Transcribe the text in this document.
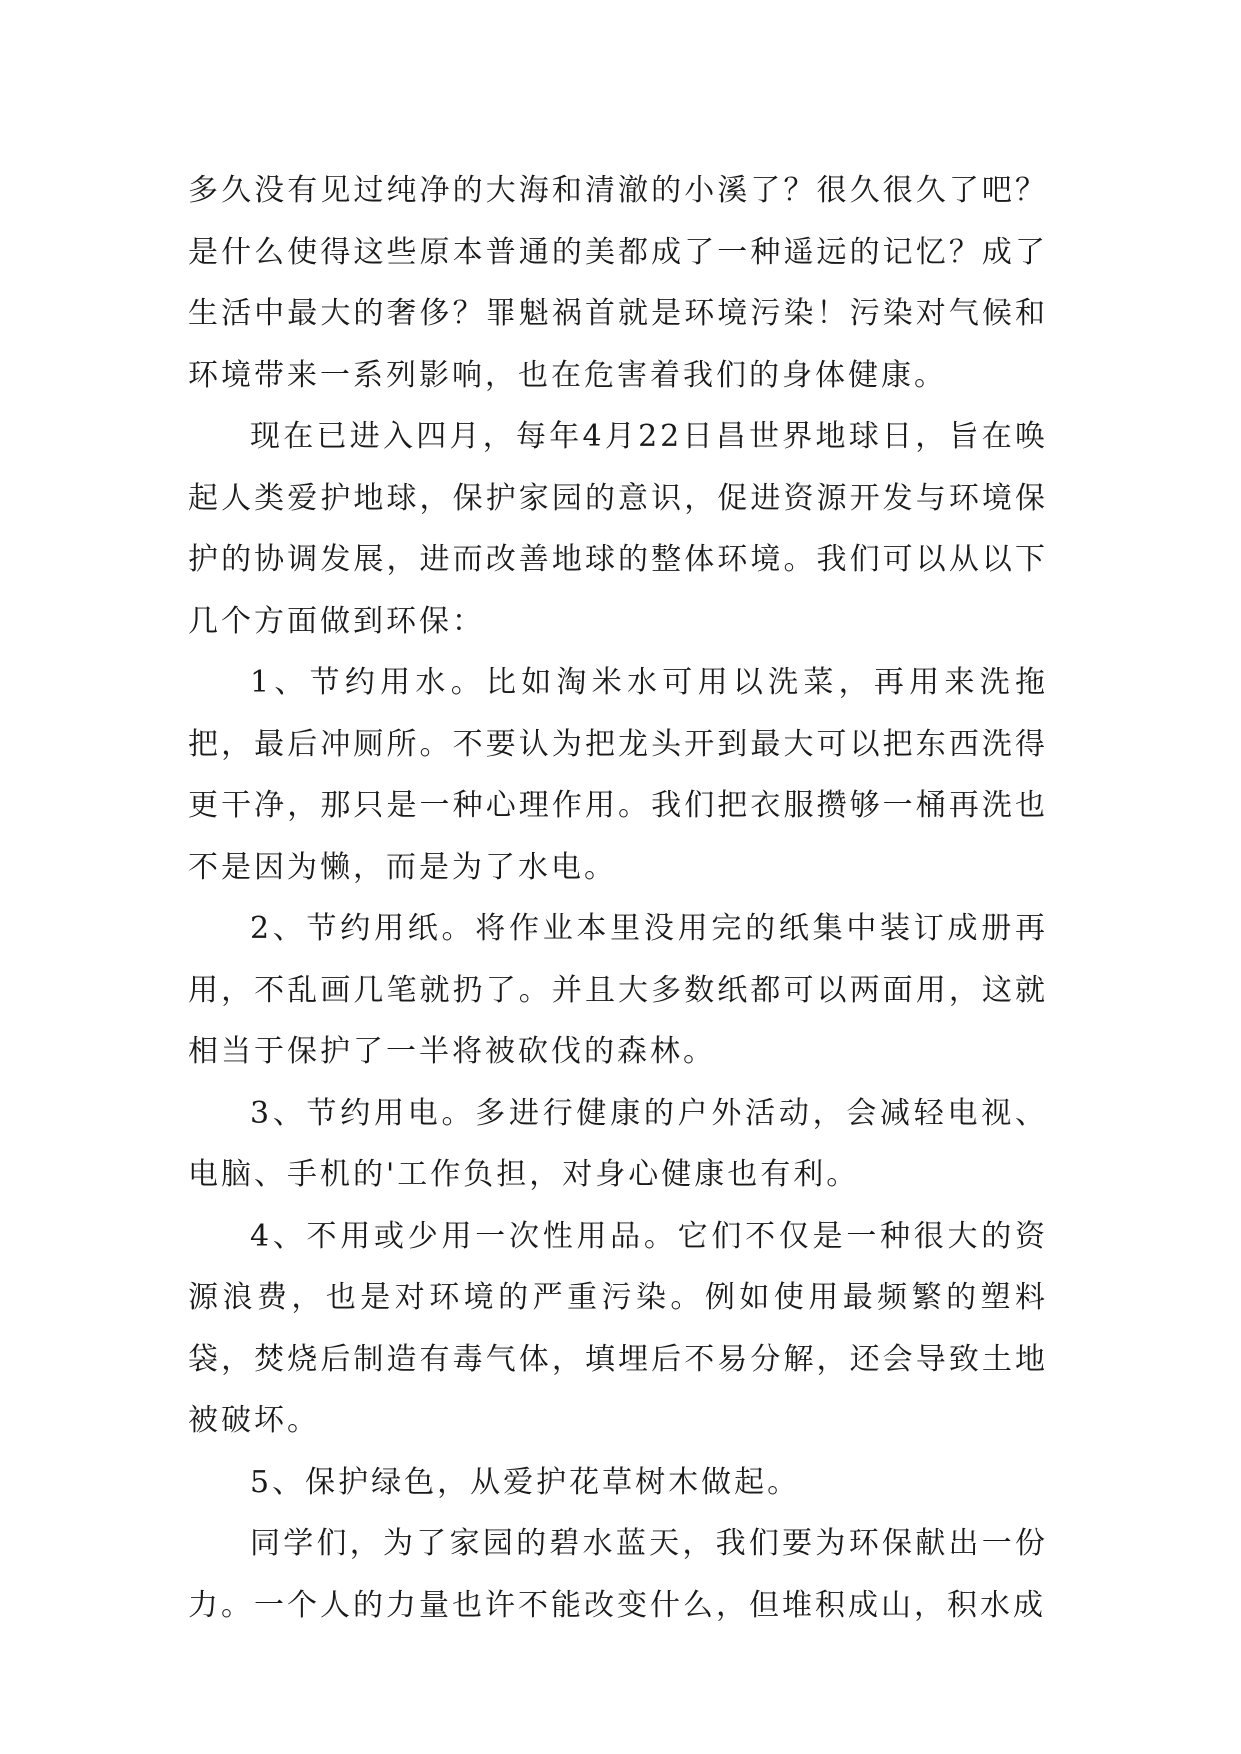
多久没有见过纯净的大海和清澈的小溪了？很久很久了吧？是什么使得这些原本普通的美都成了一种遥远的记忆？成了生活中最大的奢侈？罪魁祸首就是环境污染！污染对气候和环境带来一系列影响，也在危害着我们的身体健康。

现在已进入四月，每年4月22日昌世界地球日，旨在唤起人类爱护地球，保护家园的意识，促进资源开发与环境保护的协调发展，进而改善地球的整体环境。我们可以从以下几个方面做到环保：

1、节约用水。比如淘米水可用以洗菜，再用来洗拖把，最后冲厕所。不要认为把龙头开到最大可以把东西洗得更干净，那只是一种心理作用。我们把衣服攒够一桶再洗也不是因为懒，而是为了水电。

2、节约用纸。将作业本里没用完的纸集中装订成册再用，不乱画几笔就扔了。并且大多数纸都可以两面用，这就相当于保护了一半将被砍伐的森林。

3、节约用电。多进行健康的户外活动，会减轻电视、电脑、手机的'工作负担，对身心健康也有利。

4、不用或少用一次性用品。它们不仅是一种很大的资源浪费，也是对环境的严重污染。例如使用最频繁的塑料袋，焚烧后制造有毒气体，填埋后不易分解，还会导致土地被破坏。

5、保护绿色，从爱护花草树木做起。

同学们，为了家园的碧水蓝天，我们要为环保献出一份力。一个人的力量也许不能改变什么，但堆积成山，积水成
